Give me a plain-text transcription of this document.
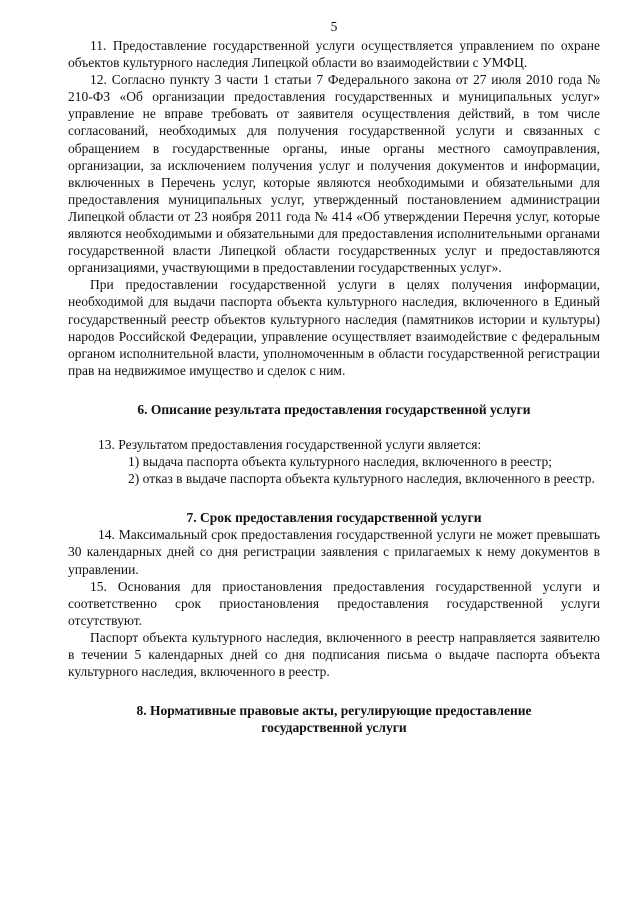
5

11. Предоставление государственной услуги осуществляется управлением по охране объектов культурного наследия Липецкой области во взаимодействии с УМФЦ.

12. Согласно пункту 3 части 1 статьи 7 Федерального закона от 27 июля 2010 года № 210-ФЗ «Об организации предоставления государственных и муниципальных услуг» управление не вправе требовать от заявителя осуществления действий, в том числе согласований, необходимых для получения государственной услуги и связанных с обращением в государственные органы, иные органы местного самоуправления, организации, за исключением получения услуг и получения документов и информации, включенных в Перечень услуг, которые являются необходимыми и обязательными для предоставления муниципальных услуг, утвержденный постановлением администрации Липецкой области от 23 ноября 2011 года № 414 «Об утверждении Перечня услуг, которые являются необходимыми и обязательными для предоставления исполнительными органами государственной власти Липецкой области государственных услуг и предоставляются организациями, участвующими в предоставлении государственных услуг».

При предоставлении государственной услуги в целях получения информации, необходимой для выдачи паспорта объекта культурного наследия, включенного в Единый государственный реестр объектов культурного наследия (памятников истории и культуры) народов Российской Федерации, управление осуществляет взаимодействие с федеральным органом исполнительной власти, уполномоченным в области государственной регистрации прав на недвижимое имущество и сделок с ним.

6. Описание результата предоставления государственной услуги

13. Результатом предоставления государственной услуги является:

1) выдача паспорта объекта культурного наследия, включенного в реестр;

2) отказ в выдаче паспорта объекта культурного наследия, включенного в реестр.

7. Срок предоставления государственной услуги

14. Максимальный срок предоставления государственной услуги не может превышать 30 календарных дней со дня регистрации заявления с прилагаемых к нему документов в управлении.

15. Основания для приостановления предоставления государственной услуги и соответственно срок приостановления предоставления государственной услуги отсутствуют.

Паспорт объекта культурного наследия, включенного в реестр направляется заявителю в течении 5 календарных дней со дня подписания письма о выдаче паспорта объекта культурного наследия, включенного в реестр.

8. Нормативные правовые акты, регулирующие предоставление

государственной услуги
